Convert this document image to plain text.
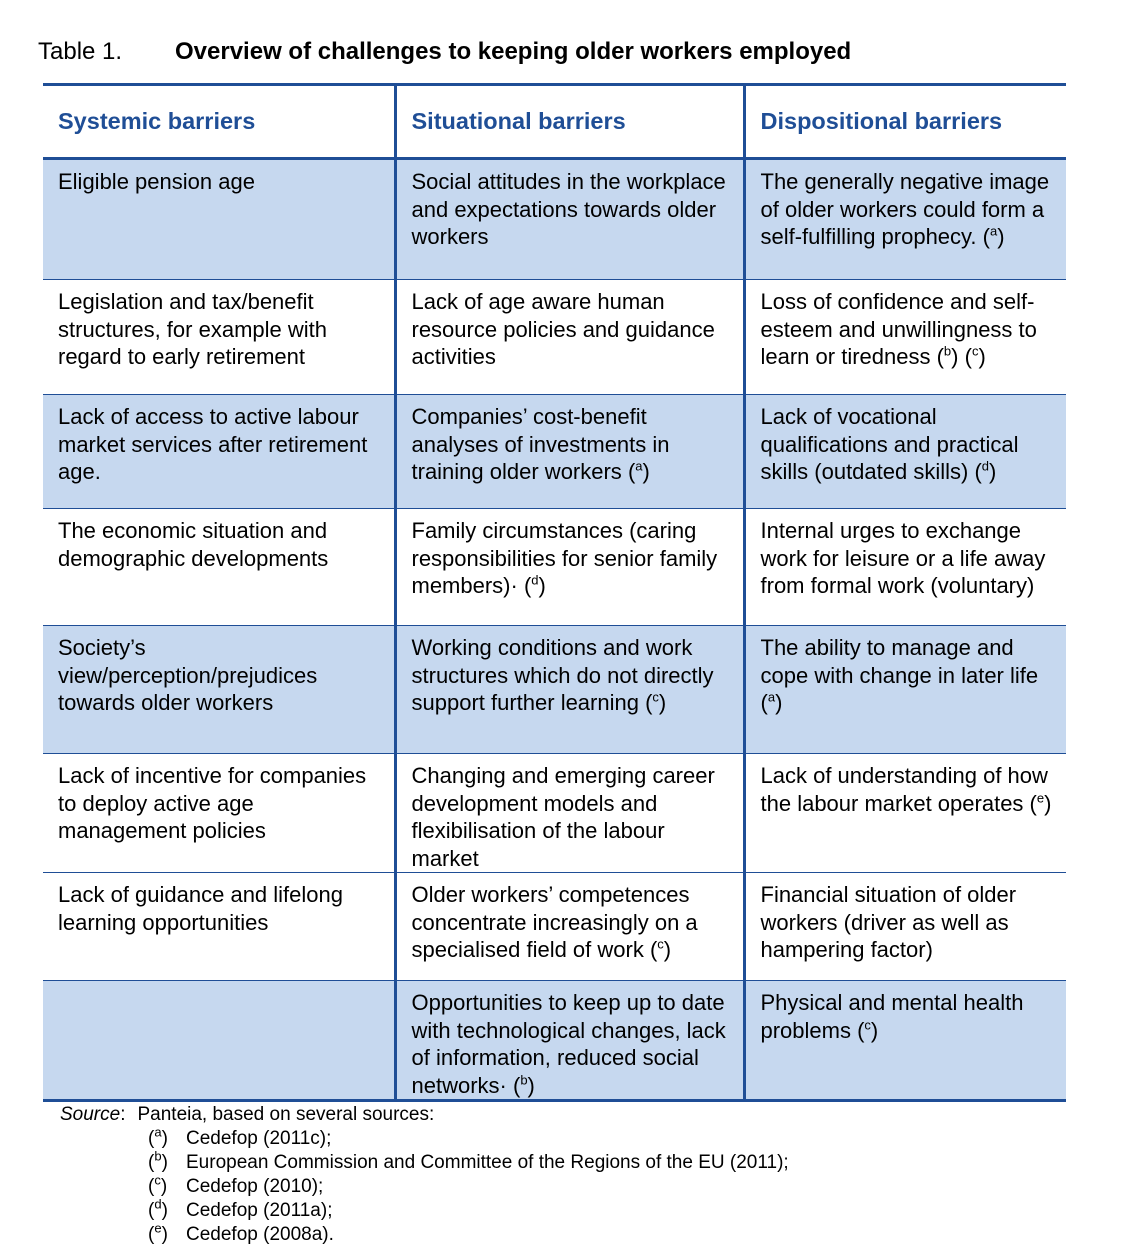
Table 1. Overview of challenges to keeping older workers employed
Systemic barriers	Situational barriers	Dispositional barriers
Eligible pension age	Social attitudes in the workplace and expectations towards older workers	The generally negative image of older workers could form a self-fulfilling prophecy. ($^a$)
Legislation and tax/benefit structures, for example with regard to early retirement	Lack of age aware human resource policies and guidance activities	Loss of confidence and self-esteem and unwillingness to learn or tiredness ($^b$) ($^c$)
Lack of access to active labour market services after retirement age.	Companies’ cost-benefit analyses of investments in training older workers ($^a$)	Lack of vocational qualifications and practical skills (outdated skills) ($^d$)
The economic situation and demographic developments	Family circumstances (caring responsibilities for senior family members)· ($^d$)	Internal urges to exchange work for leisure or a life away from formal work (voluntary)
Society’s view/perception/prejudices towards older workers	Working conditions and work structures which do not directly support further learning ($^c$)	The ability to manage and cope with change in later life ($^a$)
Lack of incentive for companies to deploy active age management policies	Changing and emerging career development models and flexibilisation of the labour market	Lack of understanding of how the labour market operates ($^e$)
Lack of guidance and lifelong learning opportunities	Older workers’ competences concentrate increasingly on a specialised field of work ($^c$)	Financial situation of older workers (driver as well as hampering factor)
	Opportunities to keep up to date with technological changes, lack of information, reduced social networks· ($^b$)	Physical and mental health problems ($^c$)
Source: Panteia, based on several sources:
($^a$) Cedefop (2011c);
($^b$) European Commission and Committee of the Regions of the EU (2011);
($^c$) Cedefop (2010);
($^d$) Cedefop (2011a);
($^e$) Cedefop (2008a).
